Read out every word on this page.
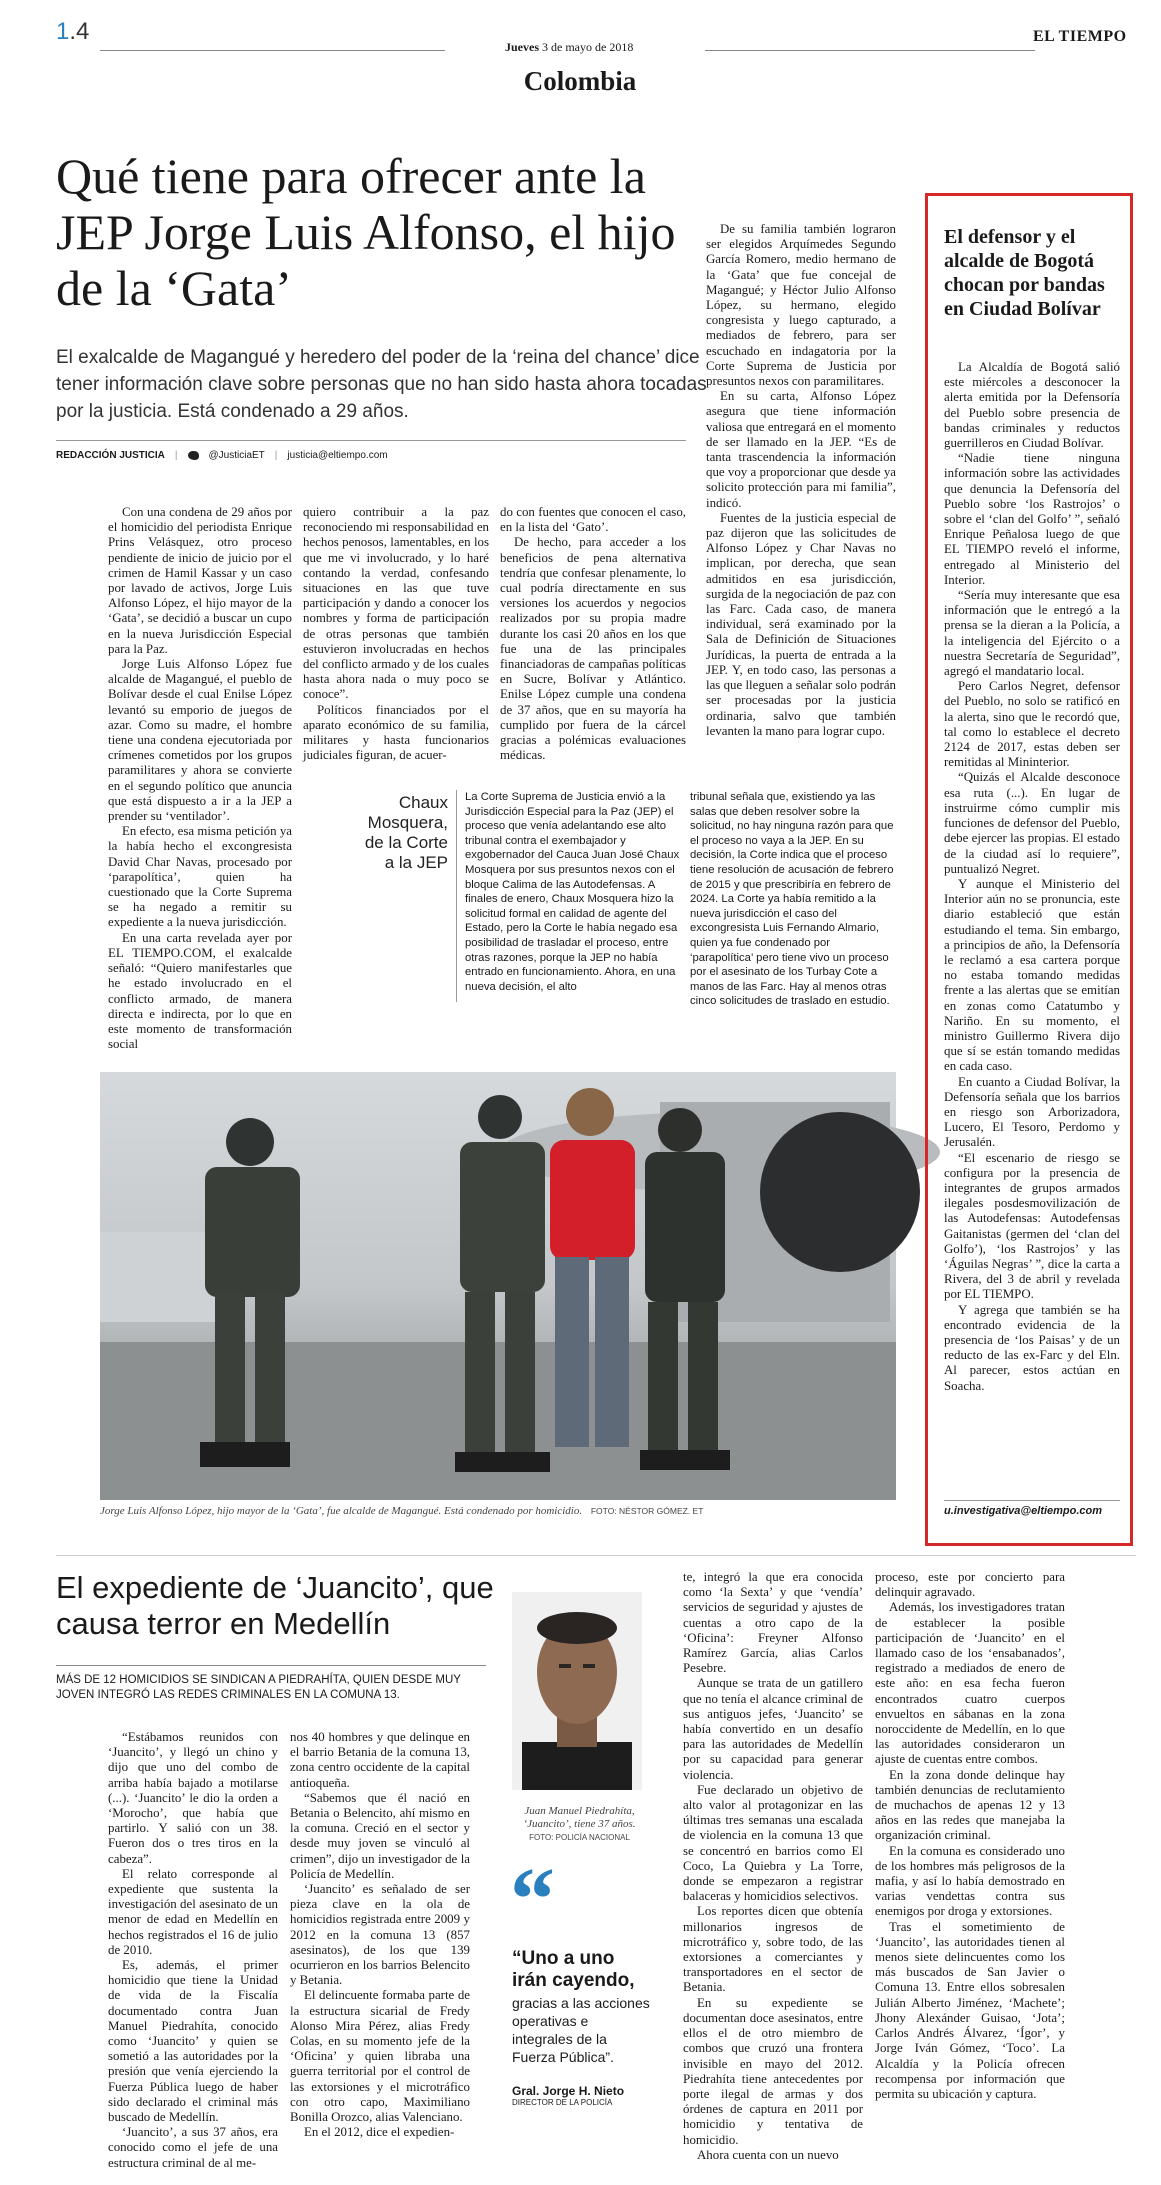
1.4
Jueves 3 de mayo de 2018
EL TIEMPO
Colombia
Qué tiene para ofrecer ante la JEP Jorge Luis Alfonso, el hijo de la ‘Gata’
El exalcalde de Magangué y heredero del poder de la ‘reina del chance’ dice tener información clave sobre personas que no han sido hasta ahora tocadas por la justicia. Está condenado a 29 años.
REDACCIÓN JUSTICIA |	@JusticiaET | justicia@eltiempo.com

Con una condena de 29 años por el homicidio del periodista Enrique Prins Velásquez, otro proceso pendiente de inicio de juicio por el crimen de Hamil Kassar y un caso por lavado de activos, Jorge Luis Alfonso López, el hijo mayor de la ‘Gata’, se decidió a buscar un cupo en la nueva Jurisdicción Especial para la Paz.

Jorge Luis Alfonso López fue alcalde de Magangué, el pueblo de Bolívar desde el cual Enilse López levantó su emporio de juegos de azar. Como su madre, el hombre tiene una condena ejecutoriada por crímenes cometidos por los grupos paramilitares y ahora se convierte en el segundo político que anuncia que está dispuesto a ir a la JEP a prender su ‘ventilador’.

En efecto, esa misma petición ya la había hecho el excongresista David Char Navas, procesado por ‘parapolítica’, quien ha cuestionado que la Corte Suprema se ha negado a remitir su expediente a la nueva jurisdicción.

En una carta revelada ayer por EL TIEMPO.COM, el exalcalde señaló: “Quiero manifestarles que he estado involucrado en el conflicto armado, de manera directa e indirecta, por lo que en este momento de transformación social

quiero contribuir a la paz reconociendo mi responsabilidad en hechos penosos, lamentables, en los que me vi involucrado, y lo haré contando la verdad, confesando situaciones en las que tuve participación y dando a conocer los nombres y forma de participación de otras personas que también estuvieron involucradas en hechos del conflicto armado y de los cuales hasta ahora nada o muy poco se conoce”.

Políticos financiados por el aparato económico de su familia, militares y hasta funcionarios judiciales figuran, de acuer-

do con fuentes que conocen el caso, en la lista del ‘Gato’.

De hecho, para acceder a los beneficios de pena alternativa tendría que confesar plenamente, lo cual podría directamente en sus versiones los acuerdos y negocios realizados por su propia madre durante los casi 20 años en los que fue una de las principales financiadoras de campañas políticas en Sucre, Bolívar y Atlántico. Enilse López cumple una condena de 37 años, que en su mayoría ha cumplido por fuera de la cárcel gracias a polémicas evaluaciones médicas.

De su familia también lograron ser elegidos Arquímedes Segundo García Romero, medio hermano de la ‘Gata’ que fue concejal de Magangué; y Héctor Julio Alfonso López, su hermano, elegido congresista y luego capturado, a mediados de febrero, para ser escuchado en indagatoria por la Corte Suprema de Justicia por presuntos nexos con paramilitares.

En su carta, Alfonso López asegura que tiene información valiosa que entregará en el momento de ser llamado en la JEP. “Es de tanta trascendencia la información que voy a proporcionar que desde ya solicito protección para mi familia”, indicó.

Fuentes de la justicia especial de paz dijeron que las solicitudes de Alfonso López y Char Navas no implican, por derecha, que sean admitidos en esa jurisdicción, surgida de la negociación de paz con las Farc. Cada caso, de manera individual, será examinado por la Sala de Definición de Situaciones Jurídicas, la puerta de entrada a la JEP. Y, en todo caso, las personas a las que lleguen a señalar solo podrán ser procesadas por la justicia ordinaria, salvo que también levanten la mano para lograr cupo.

Chaux Mosquera, de la Corte a la JEP
La Corte Suprema de Justicia envió a la Jurisdicción Especial para la Paz (JEP) el proceso que venía adelantando ese alto tribunal contra el exembajador y exgobernador del Cauca Juan José Chaux Mosquera por sus presuntos nexos con el bloque Calima de las Autodefensas. A finales de enero, Chaux Mosquera hizo la solicitud formal en calidad de agente del Estado, pero la Corte le había negado esa posibilidad de trasladar el proceso, entre otras razones, porque la JEP no había entrado en funcionamiento. Ahora, en una nueva decisión, el alto
tribunal señala que, existiendo ya las salas que deben resolver sobre la solicitud, no hay ninguna razón para que el proceso no vaya a la JEP. En su decisión, la Corte indica que el proceso tiene resolución de acusación de febrero de 2015 y que prescribiría en febrero de 2024. La Corte ya había remitido a la nueva jurisdicción el caso del excongresista Luis Fernando Almario, quien ya fue condenado por ‘parapolítica’ pero tiene vivo un proceso por el asesinato de los Turbay Cote a manos de las Farc. Hay al menos otras cinco solicitudes de traslado en estudio.
Jorge Luis Alfonso López, hijo mayor de la ‘Gata’, fue alcalde de Magangué. Está condenado por homicidio. FOTO: NÉSTOR GÓMEZ. ET
El defensor y el alcalde de Bogotá chocan por bandas en Ciudad Bolívar

La Alcaldía de Bogotá salió este miércoles a desconocer la alerta emitida por la Defensoría del Pueblo sobre presencia de bandas criminales y reductos guerrilleros en Ciudad Bolívar.

“Nadie tiene ninguna información sobre las actividades que denuncia la Defensoría del Pueblo sobre ‘los Rastrojos’ o sobre el ‘clan del Golfo’ ”, señaló Enrique Peñalosa luego de que EL TIEMPO reveló el informe, entregado al Ministerio del Interior.

“Sería muy interesante que esa información que le entregó a la prensa se la dieran a la Policía, a la inteligencia del Ejército o a nuestra Secretaría de Seguridad”, agregó el mandatario local.

Pero Carlos Negret, defensor del Pueblo, no solo se ratificó en la alerta, sino que le recordó que, tal como lo establece el decreto 2124 de 2017, estas deben ser remitidas al Mininterior.

“Quizás el Alcalde desconoce esa ruta (...). En lugar de instruirme cómo cumplir mis funciones de defensor del Pueblo, debe ejercer las propias. El estado de la ciudad así lo requiere”, puntualizó Negret.

Y aunque el Ministerio del Interior aún no se pronuncia, este diario estableció que están estudiando el tema. Sin embargo, a principios de año, la Defensoría le reclamó a esa cartera porque no estaba tomando medidas frente a las alertas que se emitían en zonas como Catatumbo y Nariño. En su momento, el ministro Guillermo Rivera dijo que sí se están tomando medidas en cada caso.

En cuanto a Ciudad Bolívar, la Defensoría señala que los barrios en riesgo son Arborizadora, Lucero, El Tesoro, Perdomo y Jerusalén.

“El escenario de riesgo se configura por la presencia de integrantes de grupos armados ilegales posdesmovilización de las Autodefensas: Autodefensas Gaitanistas (germen del ‘clan del Golfo’), ‘los Rastrojos’ y las ‘Águilas Negras’ ”, dice la carta a Rivera, del 3 de abril y revelada por EL TIEMPO.

Y agrega que también se ha encontrado evidencia de la presencia de ‘los Paisas’ y de un reducto de las ex-Farc y del Eln. Al parecer, estos actúan en Soacha.

u.investigativa@eltiempo.com
El expediente de ‘Juancito’, que causa terror en Medellín
MÁS DE 12 HOMICIDIOS SE SINDICAN A PIEDRAHÍTA, QUIEN DESDE MUY JOVEN INTEGRÓ LAS REDES CRIMINALES EN LA COMUNA 13.

“Estábamos reunidos con ‘Juancito’, y llegó un chino y dijo que uno del combo de arriba había bajado a motilarse (...). ‘Juancito’ le dio la orden a ‘Morocho’, que había que partirlo. Y salió con un 38. Fueron dos o tres tiros en la cabeza”.

El relato corresponde al expediente que sustenta la investigación del asesinato de un menor de edad en Medellín en hechos registrados el 16 de julio de 2010.

Es, además, el primer homicidio que tiene la Unidad de vida de la Fiscalía documentado contra Juan Manuel Piedrahíta, conocido como ‘Juancito’ y quien se sometió a las autoridades por la presión que venía ejerciendo la Fuerza Pública luego de haber sido declarado el criminal más buscado de Medellín.

‘Juancito’, a sus 37 años, era conocido como el jefe de una estructura criminal de al me-

nos 40 hombres y que delinque en el barrio Betania de la comuna 13, zona centro occidente de la capital antioqueña.

“Sabemos que él nació en Betania o Belencito, ahí mismo en la comuna. Creció en el sector y desde muy joven se vinculó al crimen”, dijo un investigador de la Policía de Medellín.

‘Juancito’ es señalado de ser pieza clave en la ola de homicidios registrada entre 2009 y 2012 en la comuna 13 (857 asesinatos), de los que 139 ocurrieron en los barrios Belencito y Betania.

El delincuente formaba parte de la estructura sicarial de Fredy Alonso Mira Pérez, alias Fredy Colas, en su momento jefe de la ‘Oficina’ y quien libraba una guerra territorial por el control de las extorsiones y el microtráfico con otro capo, Maximiliano Bonilla Orozco, alias Valenciano.

En el 2012, dice el expedien-

Juan Manuel Piedrahíta, ‘Juancito’, tiene 37 años. FOTO: POLICÍA NACIONAL
“
“Uno a uno irán cayendo,
gracias a las acciones operativas e integrales de la Fuerza Pública”.
Gral. Jorge H. Nieto
DIRECTOR DE LA POLICÍA

te, integró la que era conocida como ‘la Sexta’ y que ‘vendía’ servicios de seguridad y ajustes de cuentas a otro capo de la ‘Oficina’: Freyner Alfonso Ramírez García, alias Carlos Pesebre.

Aunque se trata de un gatillero que no tenía el alcance criminal de sus antiguos jefes, ‘Juancito’ se había convertido en un desafío para las autoridades de Medellín por su capacidad para generar violencia.

Fue declarado un objetivo de alto valor al protagonizar en las últimas tres semanas una escalada de violencia en la comuna 13 que se concentró en barrios como El Coco, La Quiebra y La Torre, donde se empezaron a registrar balaceras y homicidios selectivos.

Los reportes dicen que obtenía millonarios ingresos de microtráfico y, sobre todo, de las extorsiones a comerciantes y transportadores en el sector de Betania.

En su expediente se documentan doce asesinatos, entre ellos el de otro miembro de combos que cruzó una frontera invisible en mayo del 2012. Piedrahíta tiene antecedentes por porte ilegal de armas y dos órdenes de captura en 2011 por homicidio y tentativa de homicidio.

Ahora cuenta con un nuevo

proceso, este por concierto para delinquir agravado.

Además, los investigadores tratan de establecer la posible participación de ‘Juancito’ en el llamado caso de los ‘ensabanados’, registrado a mediados de enero de este año: en esa fecha fueron encontrados cuatro cuerpos envueltos en sábanas en la zona noroccidente de Medellín, en lo que las autoridades consideraron un ajuste de cuentas entre combos.

En la zona donde delinque hay también denuncias de reclutamiento de muchachos de apenas 12 y 13 años en las redes que manejaba la organización criminal.

En la comuna es considerado uno de los hombres más peligrosos de la mafia, y así lo había demostrado en varias vendettas contra sus enemigos por droga y extorsiones.

Tras el sometimiento de ‘Juancito’, las autoridades tienen al menos siete delincuentes como los más buscados de San Javier o Comuna 13. Entre ellos sobresalen Julián Alberto Jiménez, ‘Machete’; Jhony Alexánder Guisao, ‘Jota’; Carlos Andrés Álvarez, ‘Ígor’, y Jorge Iván Gómez, ‘Toco’. La Alcaldía y la Policía ofrecen recompensa por información que permita su ubicación y captura.
